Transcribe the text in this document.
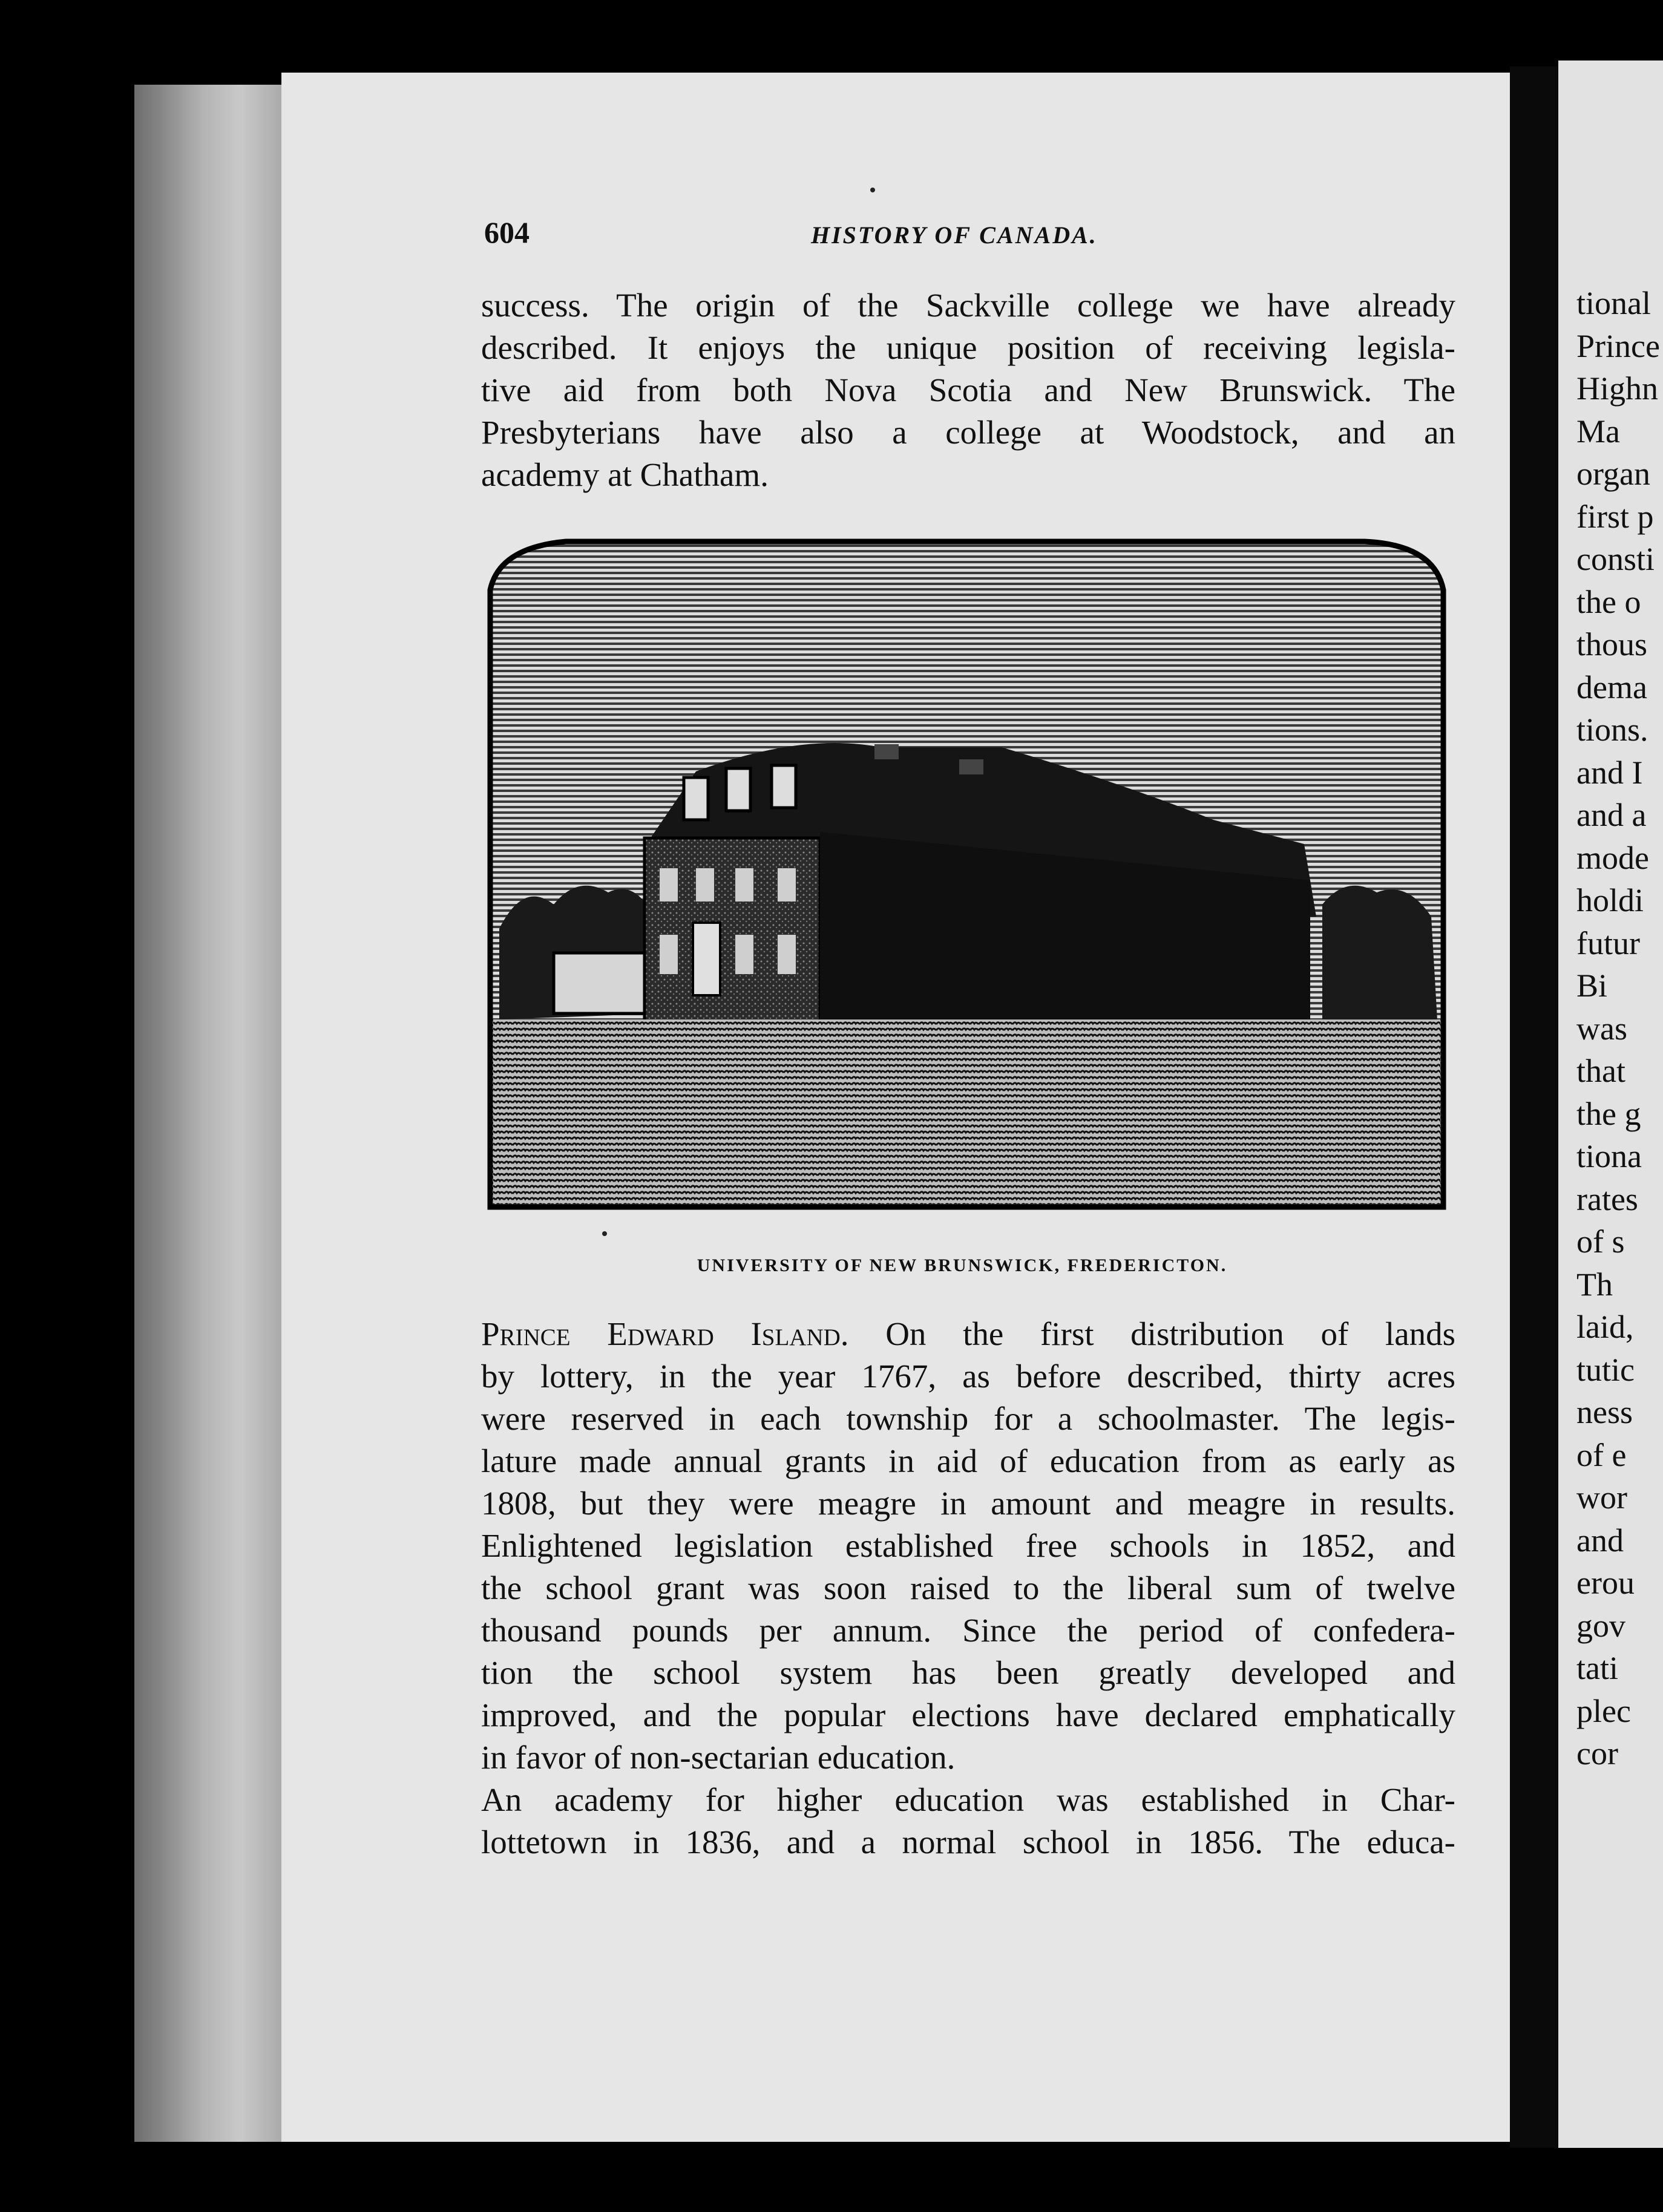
tional
Prince
Highn
Ma
organ
first p
consti
the o
thous
dema
tions.
and I
and a
mode
holdi
futur
Bi
was
that
the g
tiona
rates
of s
Th
laid,
tutic
ness
of e
wor
and
erou
gov
tati
plec
cor
604	HISTORY OF CANADA.
success. The origin of the Sackville college we have already
described. It enjoys the unique position of receiving legisla-
tive aid from both Nova Scotia and New Brunswick. The
Presbyterians have also a college at Woodstock, and an
academy at Chatham.
UNIVERSITY OF NEW BRUNSWICK, FREDERICTON.
Prince Edward Island. On the first distribution of lands
by lottery, in the year 1767, as before described, thirty acres
were reserved in each township for a schoolmaster. The legis-
lature made annual grants in aid of education from as early as
1808, but they were meagre in amount and meagre in results.
Enlightened legislation established free schools in 1852, and
the school grant was soon raised to the liberal sum of twelve
thousand pounds per annum. Since the period of confedera-
tion the school system has been greatly developed and
improved, and the popular elections have declared emphatically
in favor of non-sectarian education.
An academy for higher education was established in Char-
lottetown in 1836, and a normal school in 1856. The educa-
